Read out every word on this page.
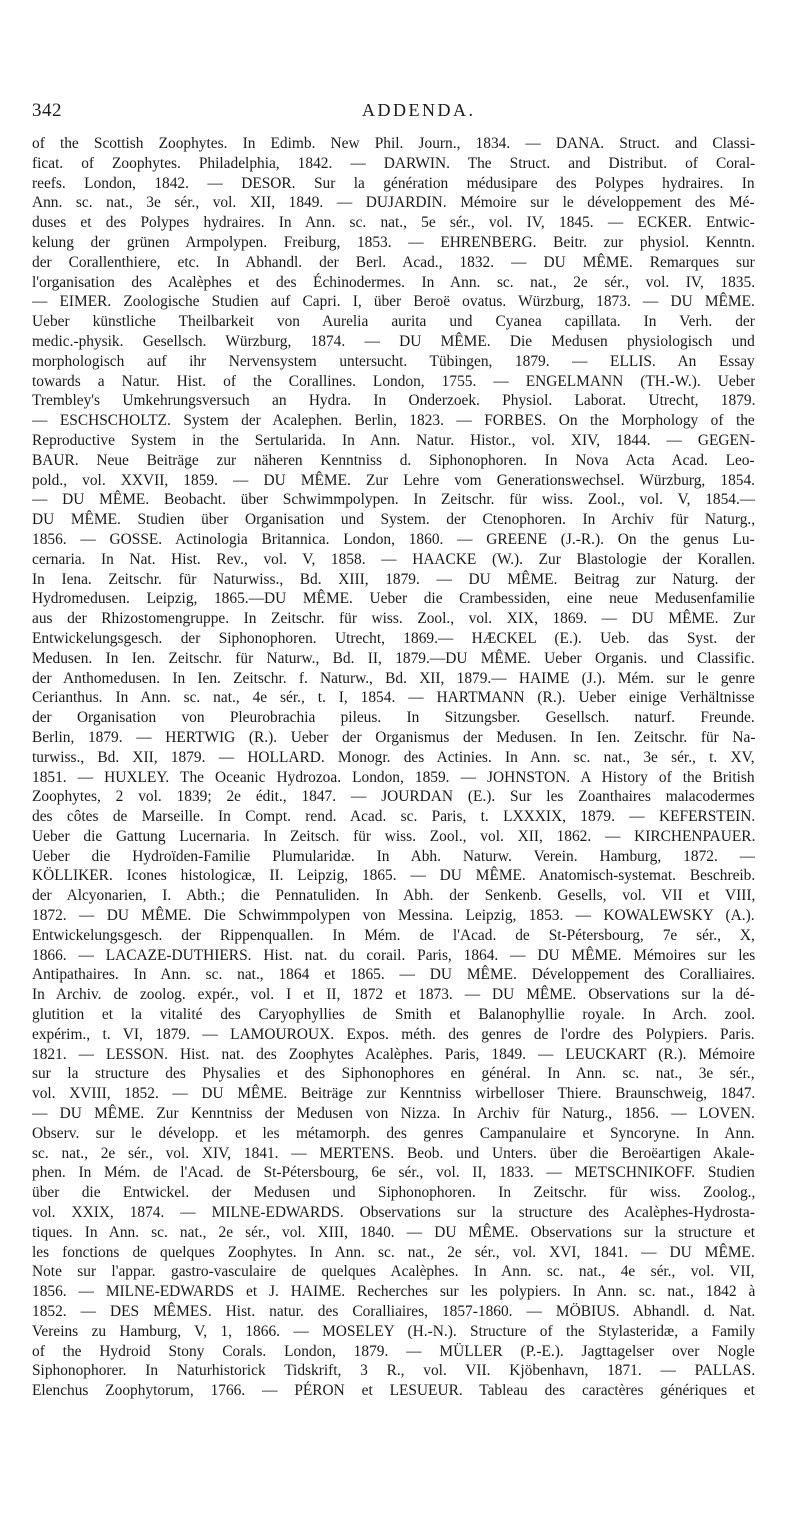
342	ADDENDA.
of the Scottish Zoophytes. In Edimb. New Phil. Journ., 1834. — DANA. Struct. and Classi-
ficat. of Zoophytes. Philadelphia, 1842. — DARWIN. The Struct. and Distribut. of Coral-
reefs. London, 1842. — DESOR. Sur la génération médusipare des Polypes hydraires. In
Ann. sc. nat., 3e sér., vol. XII, 1849. — DUJARDIN. Mémoire sur le développement des Mé-
duses et des Polypes hydraires. In Ann. sc. nat., 5e sér., vol. IV, 1845. — ECKER. Entwic-
kelung der grünen Armpolypen. Freiburg, 1853. — EHRENBERG. Beitr. zur physiol. Kenntn.
der Corallenthiere, etc. In Abhandl. der Berl. Acad., 1832. — DU MÊME. Remarques sur
l'organisation des Acalèphes et des Échinodermes. In Ann. sc. nat., 2e sér., vol. IV, 1835.
— EIMER. Zoologische Studien auf Capri. I, über Beroë ovatus. Würzburg, 1873. — DU MÊME.
Ueber künstliche Theilbarkeit von Aurelia aurita und Cyanea capillata. In Verh. der
medic.-physik. Gesellsch. Würzburg, 1874. — DU MÊME. Die Medusen physiologisch und
morphologisch auf ihr Nervensystem untersucht. Tübingen, 1879. — ELLIS. An Essay
towards a Natur. Hist. of the Corallines. London, 1755. — ENGELMANN (TH.-W.). Ueber
Trembley's Umkehrungsversuch an Hydra. In Onderzoek. Physiol. Laborat. Utrecht, 1879.
— ESCHSCHOLTZ. System der Acalephen. Berlin, 1823. — FORBES. On the Morphology of the
Reproductive System in the Sertularida. In Ann. Natur. Histor., vol. XIV, 1844. — GEGEN-
BAUR. Neue Beiträge zur näheren Kenntniss d. Siphonophoren. In Nova Acta Acad. Leo-
pold., vol. XXVII, 1859. — DU MÊME. Zur Lehre vom Generationswechsel. Würzburg, 1854.
— DU MÊME. Beobacht. über Schwimmpolypen. In Zeitschr. für wiss. Zool., vol. V, 1854.—
DU MÊME. Studien über Organisation und System. der Ctenophoren. In Archiv für Naturg.,
1856. — GOSSE. Actinologia Britannica. London, 1860. — GREENE (J.-R.). On the genus Lu-
cernaria. In Nat. Hist. Rev., vol. V, 1858. — HAACKE (W.). Zur Blastologie der Korallen.
In Iena. Zeitschr. für Naturwiss., Bd. XIII, 1879. — DU MÊME. Beitrag zur Naturg. der
Hydromedusen. Leipzig, 1865.—DU MÊME. Ueber die Crambessiden, eine neue Medusenfamilie
aus der Rhizostomengruppe. In Zeitschr. für wiss. Zool., vol. XIX, 1869. — DU MÊME. Zur
Entwickelungsgesch. der Siphonophoren. Utrecht, 1869.— HÆCKEL (E.). Ueb. das Syst. der
Medusen. In Ien. Zeitschr. für Naturw., Bd. II, 1879.—DU MÊME. Ueber Organis. und Classific.
der Anthomedusen. In Ien. Zeitschr. f. Naturw., Bd. XII, 1879.— HAIME (J.). Mém. sur le genre
Cerianthus. In Ann. sc. nat., 4e sér., t. I, 1854. — HARTMANN (R.). Ueber einige Verhältnisse
der Organisation von Pleurobrachia pileus. In Sitzungsber. Gesellsch. naturf. Freunde.
Berlin, 1879. — HERTWIG (R.). Ueber der Organismus der Medusen. In Ien. Zeitschr. für Na-
turwiss., Bd. XII, 1879. — HOLLARD. Monogr. des Actinies. In Ann. sc. nat., 3e sér., t. XV,
1851. — HUXLEY. The Oceanic Hydrozoa. London, 1859. — JOHNSTON. A History of the British
Zoophytes, 2 vol. 1839; 2e édit., 1847. — JOURDAN (E.). Sur les Zoanthaires malacodermes
des côtes de Marseille. In Compt. rend. Acad. sc. Paris, t. LXXXIX, 1879. — KEFERSTEIN.
Ueber die Gattung Lucernaria. In Zeitsch. für wiss. Zool., vol. XII, 1862. — KIRCHENPAUER.
Ueber die Hydroïden-Familie Plumularidæ. In Abh. Naturw. Verein. Hamburg, 1872. —
KÖLLIKER. Icones histologicæ, II. Leipzig, 1865. — DU MÊME. Anatomisch-systemat. Beschreib.
der Alcyonarien, I. Abth.; die Pennatuliden. In Abh. der Senkenb. Gesells, vol. VII et VIII,
1872. — DU MÊME. Die Schwimmpolypen von Messina. Leipzig, 1853. — KOWALEWSKY (A.).
Entwickelungsgesch. der Rippenquallen. In Mém. de l'Acad. de St-Pétersbourg, 7e sér., X,
1866. — LACAZE-DUTHIERS. Hist. nat. du corail. Paris, 1864. — DU MÊME. Mémoires sur les
Antipathaires. In Ann. sc. nat., 1864 et 1865. — DU MÊME. Développement des Coralliaires.
In Archiv. de zoolog. expér., vol. I et II, 1872 et 1873. — DU MÊME. Observations sur la dé-
glutition et la vitalité des Caryophyllies de Smith et Balanophyllie royale. In Arch. zool.
expérim., t. VI, 1879. — LAMOUROUX. Expos. méth. des genres de l'ordre des Polypiers. Paris.
1821. — LESSON. Hist. nat. des Zoophytes Acalèphes. Paris, 1849. — LEUCKART (R.). Mémoire
sur la structure des Physalies et des Siphonophores en général. In Ann. sc. nat., 3e sér.,
vol. XVIII, 1852. — DU MÊME. Beiträge zur Kenntniss wirbelloser Thiere. Braunschweig, 1847.
— DU MÊME. Zur Kenntniss der Medusen von Nizza. In Archiv für Naturg., 1856. — LOVEN.
Observ. sur le développ. et les métamorph. des genres Campanulaire et Syncoryne. In Ann.
sc. nat., 2e sér., vol. XIV, 1841. — MERTENS. Beob. und Unters. über die Beroëartigen Akale-
phen. In Mém. de l'Acad. de St-Pétersbourg, 6e sér., vol. II, 1833. — METSCHNIKOFF. Studien
über die Entwickel. der Medusen und Siphonophoren. In Zeitschr. für wiss. Zoolog.,
vol. XXIX, 1874. — MILNE-EDWARDS. Observations sur la structure des Acalèphes-Hydrosta-
tiques. In Ann. sc. nat., 2e sér., vol. XIII, 1840. — DU MÊME. Observations sur la structure et
les fonctions de quelques Zoophytes. In Ann. sc. nat., 2e sér., vol. XVI, 1841. — DU MÊME.
Note sur l'appar. gastro-vasculaire de quelques Acalèphes. In Ann. sc. nat., 4e sér., vol. VII,
1856. — MILNE-EDWARDS et J. HAIME. Recherches sur les polypiers. In Ann. sc. nat., 1842 à
1852. — DES MÊMES. Hist. natur. des Coralliaires, 1857-1860. — MÖBIUS. Abhandl. d. Nat.
Vereins zu Hamburg, V, 1, 1866. — MOSELEY (H.-N.). Structure of the Stylasteridæ, a Family
of the Hydroid Stony Corals. London, 1879. — MÜLLER (P.-E.). Jagttagelser over Nogle
Siphonophorer. In Naturhistorick Tidskrift, 3 R., vol. VII. Kjöbenhavn, 1871. — PALLAS.
Elenchus Zoophytorum, 1766. — PÉRON et LESUEUR. Tableau des caractères génériques et
